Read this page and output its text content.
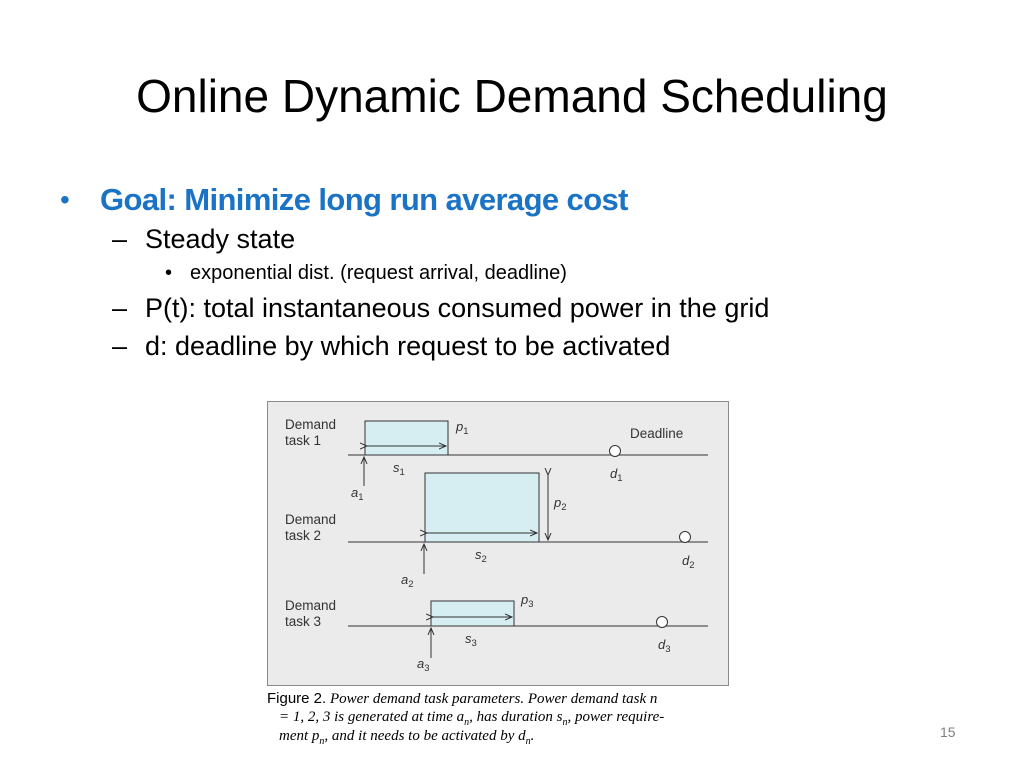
Online Dynamic Demand Scheduling
• Goal: Minimize long run average cost
– Steady state
• exponential dist. (request arrival, deadline)
– P(t): total instantaneous consumed power in the grid
– d: deadline by which request to be activated
Demand
task 1
$p_1$
$s_1$
$a_1$
Deadline
$d_1$
Demand
task 2
$p_2$
$s_2$
$a_2$
$d_2$
Demand
task 3
$p_3$
$s_3$
$a_3$
$d_3$
Figure 2. Power demand task parameters. Power demand task n
= 1, 2, 3 is generated at time $a_n$, has duration $s_n$, power require-
ment $p_n$, and it needs to be activated by $d_n$.	15
